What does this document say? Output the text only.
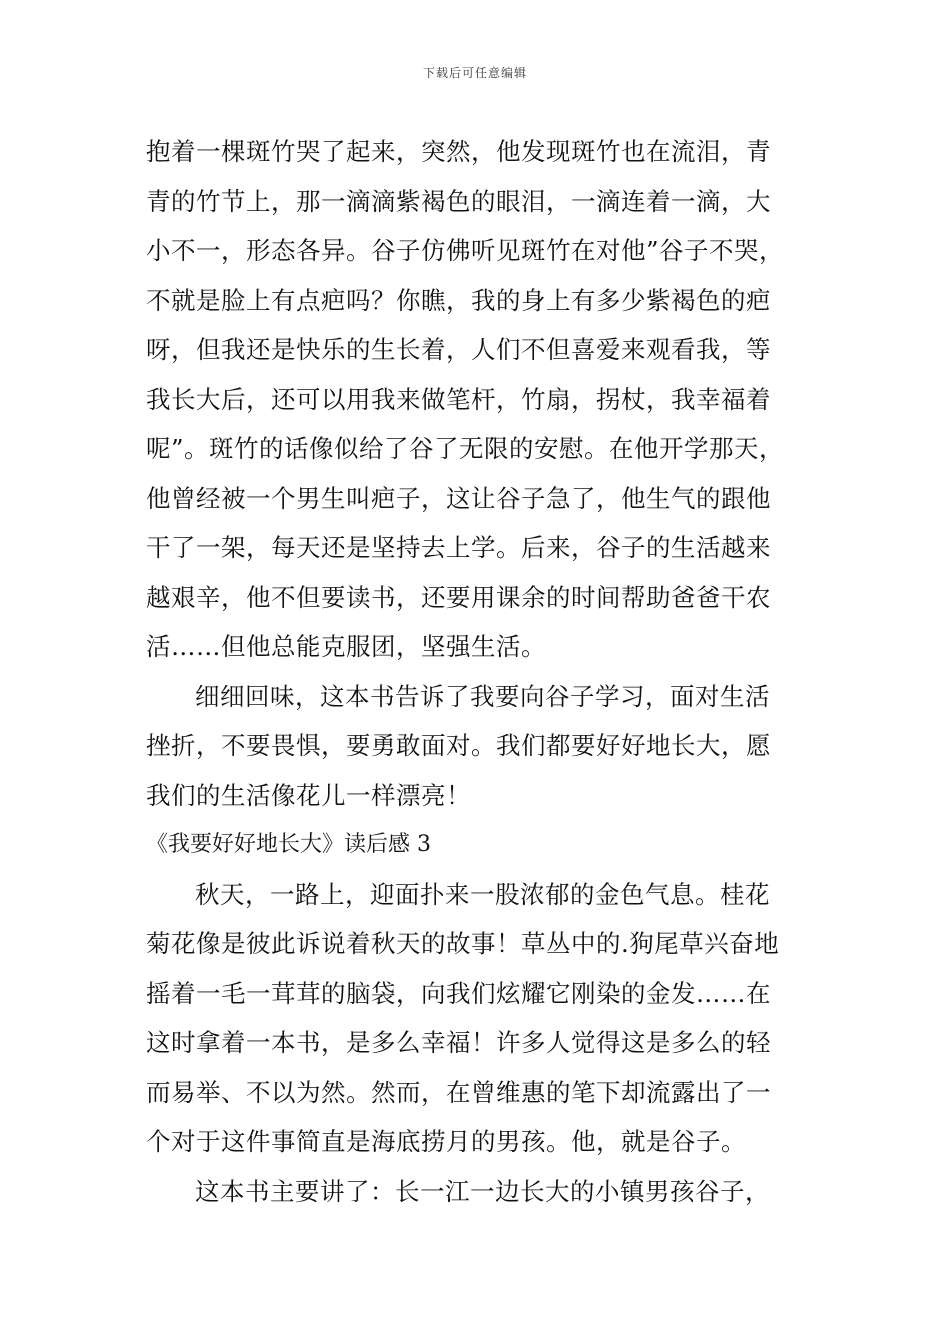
下载后可任意编辑
抱着一棵斑竹哭了起来，突然，他发现斑竹也在流泪，青
青的竹节上，那一滴滴紫褐色的眼泪，一滴连着一滴，大
小不一，形态各异。谷子仿佛听见斑竹在对他”谷子不哭，
不就是脸上有点疤吗？你瞧，我的身上有多少紫褐色的疤
呀，但我还是快乐的生长着，人们不但喜爱来观看我，等
我长大后，还可以用我来做笔杆，竹扇，拐杖，我幸福着
呢”。斑竹的话像似给了谷了无限的安慰。在他开学那天，
他曾经被一个男生叫疤子，这让谷子急了，他生气的跟他
干了一架，每天还是坚持去上学。后来，谷子的生活越来
越艰辛，他不但要读书，还要用课余的时间帮助爸爸干农
活……但他总能克服团，坚强生活。
细细回味，这本书告诉了我要向谷子学习，面对生活
挫折，不要畏惧，要勇敢面对。我们都要好好地长大，愿
我们的生活像花儿一样漂亮！
《我要好好地长大》读后感 3
秋天，一路上，迎面扑来一股浓郁的金色气息。桂花
菊花像是彼此诉说着秋天的故事！草丛中的.狗尾草兴奋地
摇着一毛一茸茸的脑袋，向我们炫耀它刚染的金发……在
这时拿着一本书，是多么幸福！许多人觉得这是多么的轻
而易举、不以为然。然而，在曾维惠的笔下却流露出了一
个对于这件事简直是海底捞月的男孩。他，就是谷子。
这本书主要讲了：长一江一边长大的小镇男孩谷子，
